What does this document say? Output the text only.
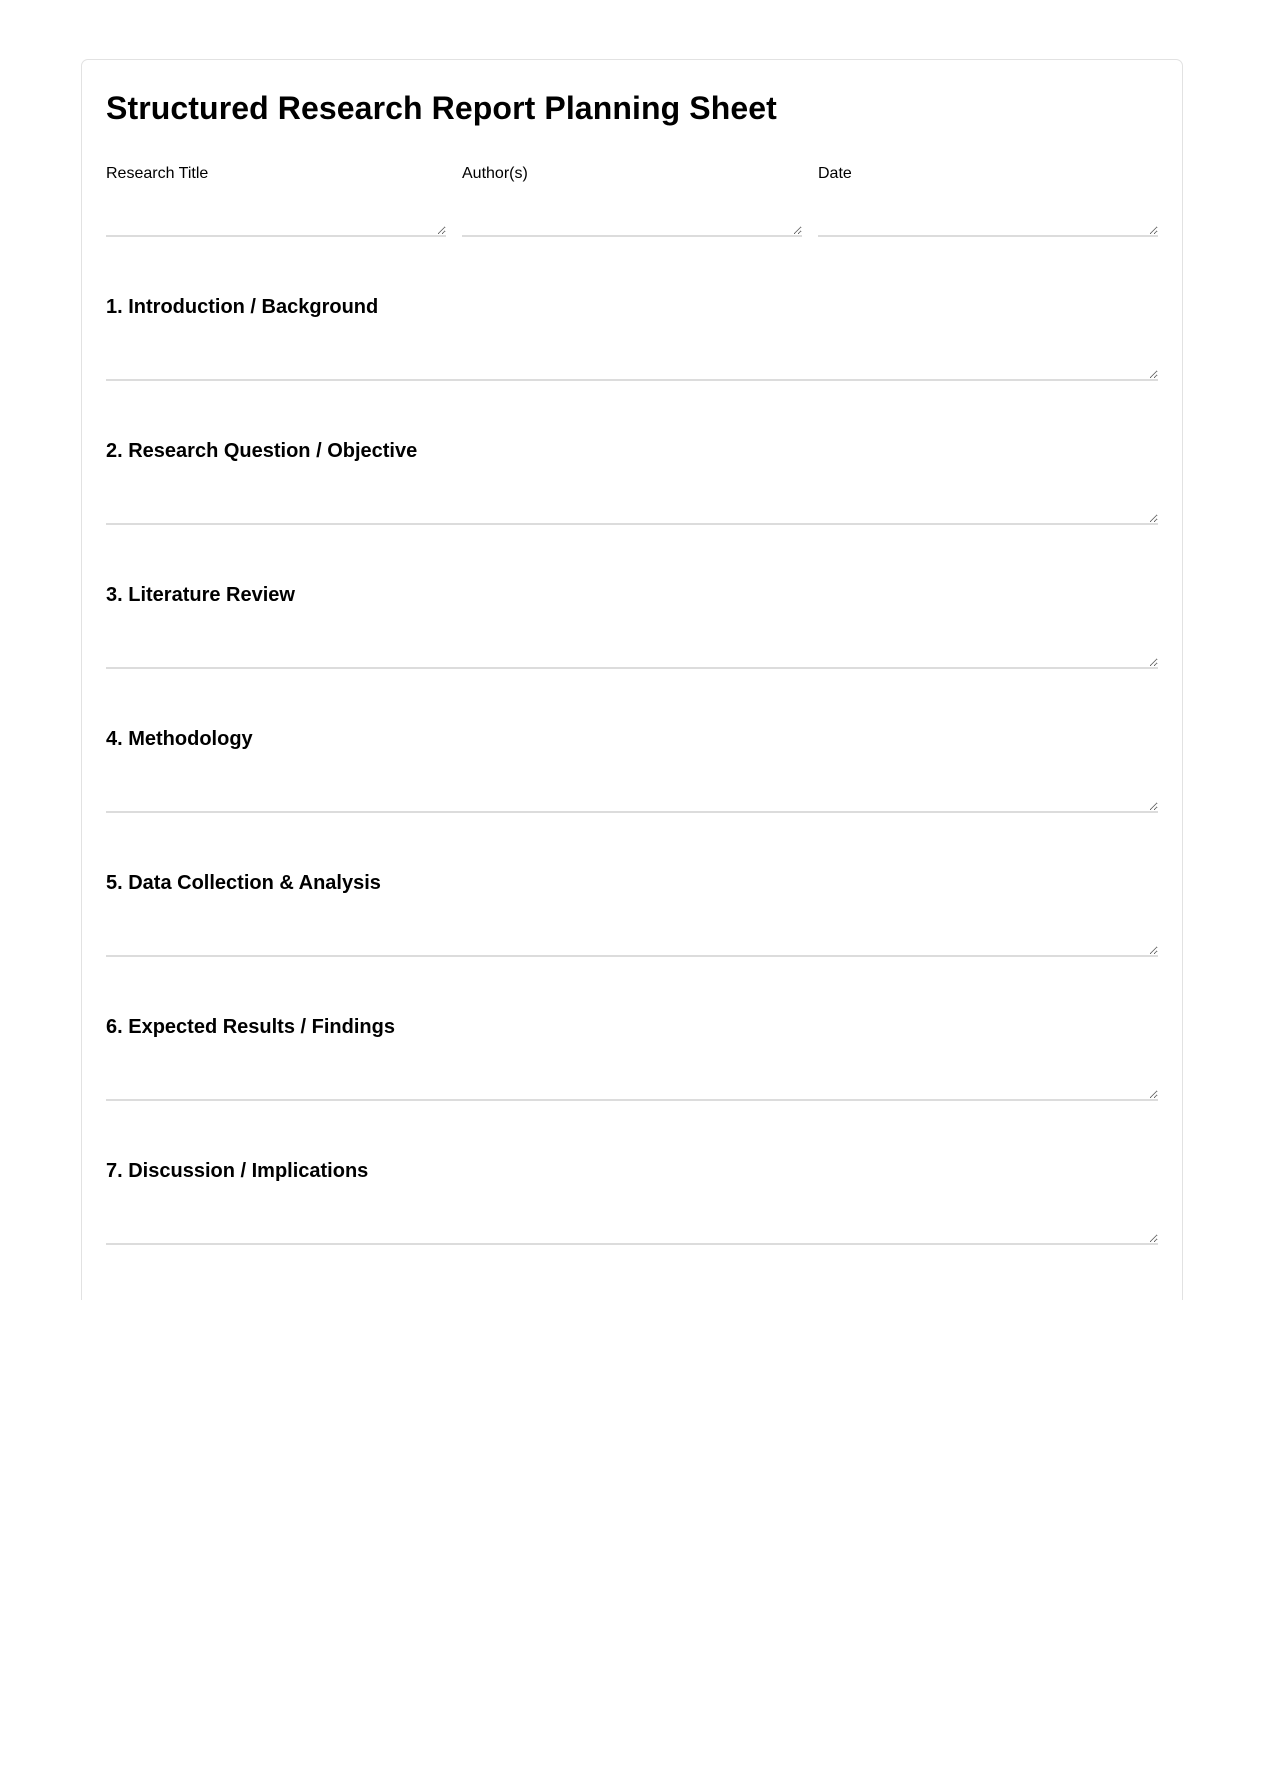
Structured Research Report Planning Sheet
Research Title	Author(s)	Date
1. Introduction / Background
2. Research Question / Objective
3. Literature Review
4. Methodology
5. Data Collection & Analysis
6. Expected Results / Findings
7. Discussion / Implications
